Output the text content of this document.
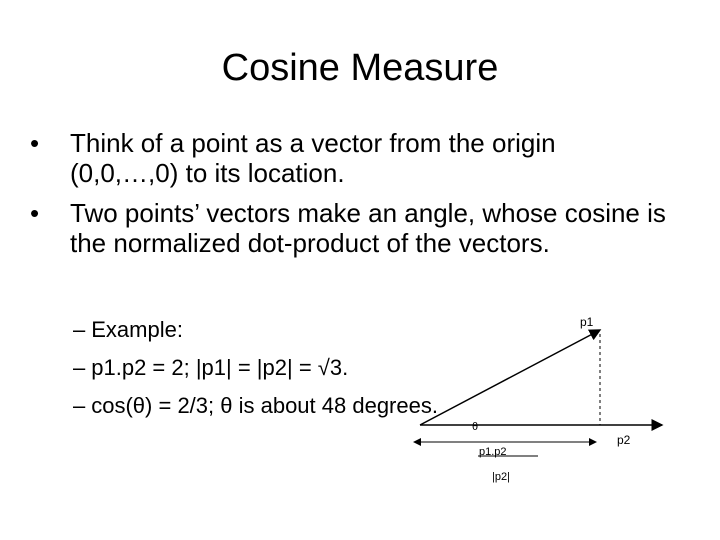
Cosine Measure
•	Think of a point as a vector from the origin (0,0,…,0) to its location.
•	Two points’ vectors make an angle, whose cosine is the normalized dot-product of the vectors.
– Example:
– p1.p2 = 2; |p1| = |p2| = √3.
– cos(θ) = 2/3; θ is about 48 degrees.
p1
p2
θ
p1.p2
|p2|
